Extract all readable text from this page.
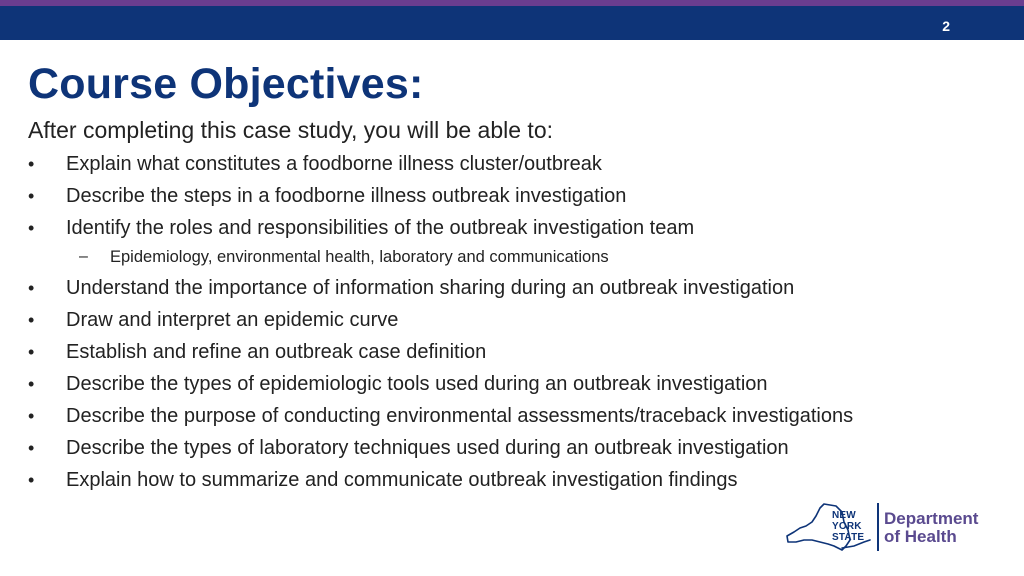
2
Course Objectives:

After completing this case study, you will be able to:

• Explain what constitutes a foodborne illness cluster/outbreak
• Describe the steps in a foodborne illness outbreak investigation
• Identify the roles and responsibilities of the outbreak investigation team
– Epidemiology, environmental health, laboratory and communications
• Understand the importance of information sharing during an outbreak investigation
• Draw and interpret an epidemic curve
• Establish and refine an outbreak case definition
• Describe the types of epidemiologic tools used during an outbreak investigation
• Describe the purpose of conducting environmental assessments/traceback investigations
• Describe the types of laboratory techniques used during an outbreak investigation
• Explain how to summarize and communicate outbreak investigation findings
NEW
YORK
STATE
Department
of Health
